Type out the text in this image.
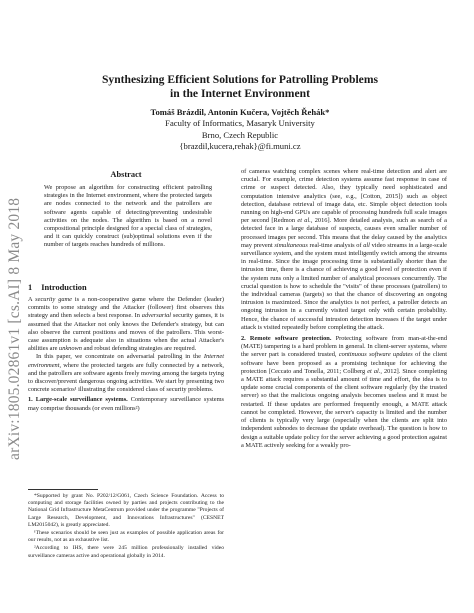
arXiv:1805.02861v1 [cs.AI] 8 May 2018
Synthesizing Efficient Solutions for Patrolling Problems
in the Internet Environment
Tomáš Brázdil, Antonín Kučera, Vojtěch Řehák*
Faculty of Informatics, Masaryk University
Brno, Czech Republic
{brazdil,kucera,rehak}@fi.muni.cz
Abstract
We propose an algorithm for constructing efficient patrolling strategies in the Internet environment, where the protected targets are nodes connected to the network and the patrollers are software agents capable of detecting/preventing undesirable activities on the nodes. The algorithm is based on a novel compositional principle designed for a special class of strategies, and it can quickly construct (sub)optimal solutions even if the number of targets reaches hundreds of millions.
1 Introduction

A security game is a non-cooperative game where the Defender (leader) commits to some strategy and the Attacker (follower) first observes this strategy and then selects a best response. In adversarial security games, it is assumed that the Attacker not only knows the Defender's strategy, but can also observe the current positions and moves of the patrollers. This worst-case assumption is adequate also in situations when the actual Attacker's abilities are unknown and robust defending strategies are required.

In this paper, we concentrate on adversarial patrolling in the Internet environment, where the protected targets are fully connected by a network, and the patrollers are software agents freely moving among the targets trying to discover/prevent dangerous ongoing activities. We start by presenting two concrete scenarios¹ illustrating the considered class of security problems.

1. Large-scale surveillance systems. Contemporary surveillance systems may comprise thousands (or even millions²)

*Supported by grant No. P202/12/G061, Czech Science Foundation. Access to computing and storage facilities owned by parties and projects contributing to the National Grid Infrastructure MetaCentrum provided under the programme "Projects of Large Research, Development, and Innovations Infrastructures" (CESNET LM2015042), is greatly appreciated.

¹These scenarios should be seen just as examples of possible application areas for our results, not as an exhaustive list.

²According to IHS, there were 245 million professionally installed video surveillance cameras active and operational globally in 2014.

of cameras watching complex scenes where real-time detection and alert are crucial. For example, crime detection systems assume fast response in case of crime or suspect detected. Also, they typically need sophisticated and computation intensive analytics (see, e.g., [Cotton, 2015]) such as object detection, database retrieval of image data, etc. Simple object detection tools running on high-end GPUs are capable of processing hundreds full scale images per second [Redmon et al., 2016]. More detailed analysis, such as search of a detected face in a large database of suspects, causes even smaller number of processed images per second. This means that the delay caused by the analytics may prevent simultaneous real-time analysis of all video streams in a large-scale surveillance system, and the system must intelligently switch among the streams in real-time. Since the image processing time is substantially shorter than the intrusion time, there is a chance of achieving a good level of protection even if the system runs only a limited number of analytical processes concurrently. The crucial question is how to schedule the "visits" of these processes (patrollers) to the individual cameras (targets) so that the chance of discovering an ongoing intrusion is maximized. Since the analytics is not perfect, a patroller detects an ongoing intrusion in a currently visited target only with certain probability. Hence, the chance of successful intrusion detection increases if the target under attack is visited repeatedly before completing the attack.

2. Remote software protection. Protecting software from man-at-the-end (MATE) tampering is a hard problem in general. In client-server systems, where the server part is considered trusted, continuous software updates of the client software have been proposed as a promising technique for achieving the protection [Ceccato and Tonella, 2011; Collberg et al., 2012]. Since completing a MATE attack requires a substantial amount of time and effort, the idea is to update some crucial components of the client software regularly (by the trusted server) so that the malicious ongoing analysis becomes useless and it must be restarted. If these updates are performed frequently enough, a MATE attack cannot be completed. However, the server's capacity is limited and the number of clients is typically very large (especially when the clients are split into independent subnodes to decrease the update overhead). The question is how to design a suitable update policy for the server achieving a good protection against a MATE actively seeking for a weakly pro-
